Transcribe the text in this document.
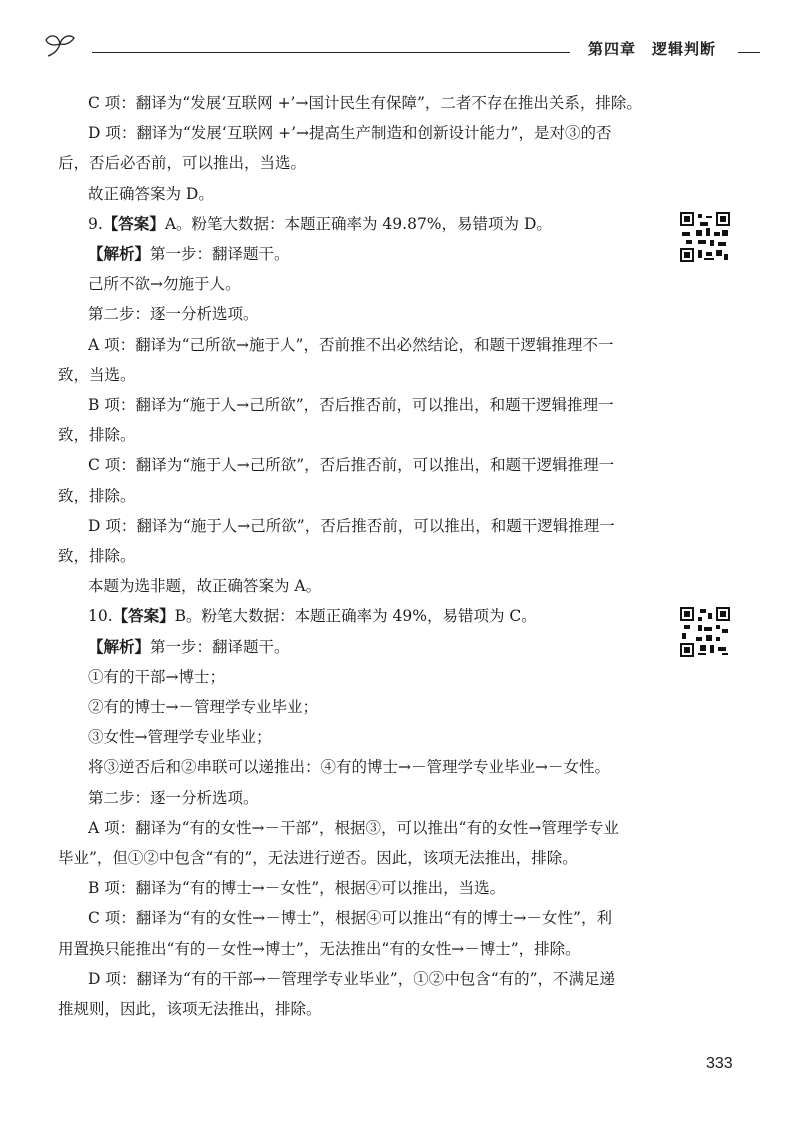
第四章　逻辑判断

C 项：翻译为“发展‘互联网 +’→国计民生有保障”，二者不存在推出关系，排除。

D 项：翻译为“发展‘互联网 +’→提高生产制造和创新设计能力”，是对③的否

后，否后必否前，可以推出，当选。

故正确答案为 D。

9.【答案】A。粉笔大数据：本题正确率为 49.87%，易错项为 D。

【解析】第一步：翻译题干。

己所不欲→勿施于人。

第二步：逐一分析选项。

A 项：翻译为“己所欲→施于人”，否前推不出必然结论，和题干逻辑推理不一

致，当选。

B 项：翻译为“施于人→己所欲”，否后推否前，可以推出，和题干逻辑推理一

致，排除。

C 项：翻译为“施于人→己所欲”，否后推否前，可以推出，和题干逻辑推理一

致，排除。

D 项：翻译为“施于人→己所欲”，否后推否前，可以推出，和题干逻辑推理一

致，排除。

本题为选非题，故正确答案为 A。

10.【答案】B。粉笔大数据：本题正确率为 49%，易错项为 C。

【解析】第一步：翻译题干。

①有的干部→博士；

②有的博士→－管理学专业毕业；

③女性→管理学专业毕业；

将③逆否后和②串联可以递推出：④有的博士→－管理学专业毕业→－女性。

第二步：逐一分析选项。

A 项：翻译为“有的女性→－干部”，根据③，可以推出“有的女性→管理学专业

毕业”，但①②中包含“有的”，无法进行逆否。因此，该项无法推出，排除。

B 项：翻译为“有的博士→－女性”，根据④可以推出，当选。

C 项：翻译为“有的女性→－博士”，根据④可以推出“有的博士→－女性”，利

用置换只能推出“有的－女性→博士”，无法推出“有的女性→－博士”，排除。

D 项：翻译为“有的干部→－管理学专业毕业”，①②中包含“有的”，不满足递

推规则，因此，该项无法推出，排除。

333
